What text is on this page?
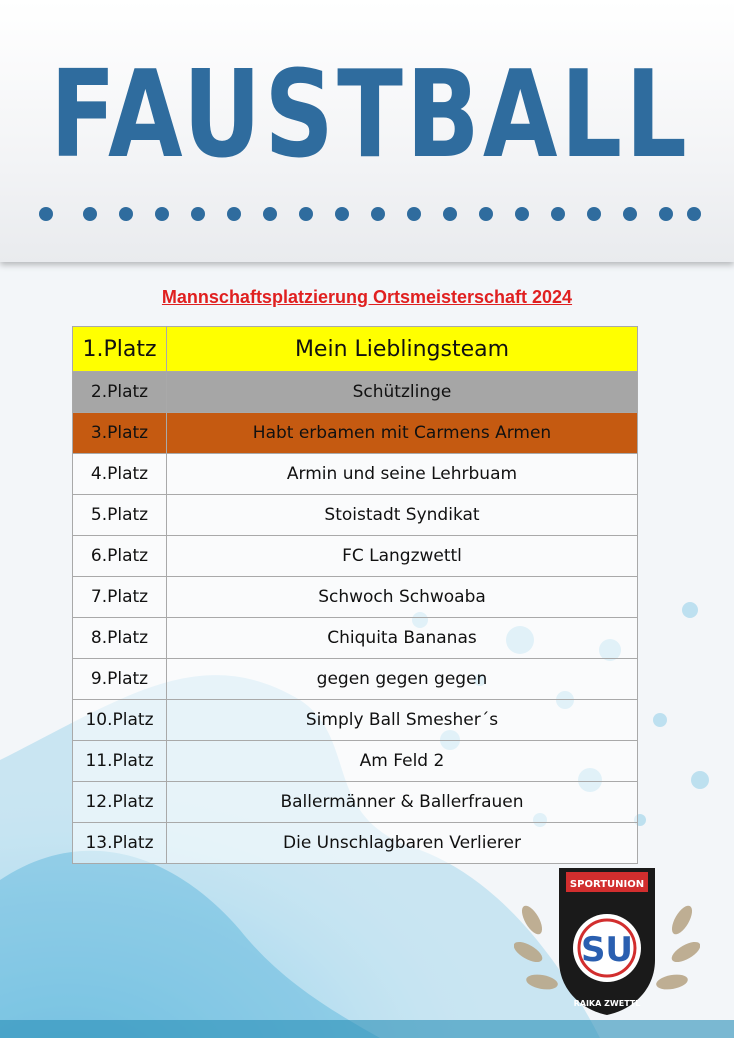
FAUSTBALL
Mannschaftsplatzierung Ortsmeisterschaft 2024
1.Platz	Mein Lieblingsteam
2.Platz	Schützlinge
3.Platz	Habt erbamen mit Carmens Armen
4.Platz	Armin und seine Lehrbuam
5.Platz	Stoistadt Syndikat
6.Platz	FC Langzwettl
7.Platz	Schwoch Schwoaba
8.Platz	Chiquita Bananas
9.Platz	gegen gegen gegen
10.Platz	Simply Ball Smesher´s
11.Platz	Am Feld 2
12.Platz	Ballermänner & Ballerfrauen
13.Platz	Die Unschlagbaren Verlierer
SPORTUNION
SU
RAIKA ZWETTL
